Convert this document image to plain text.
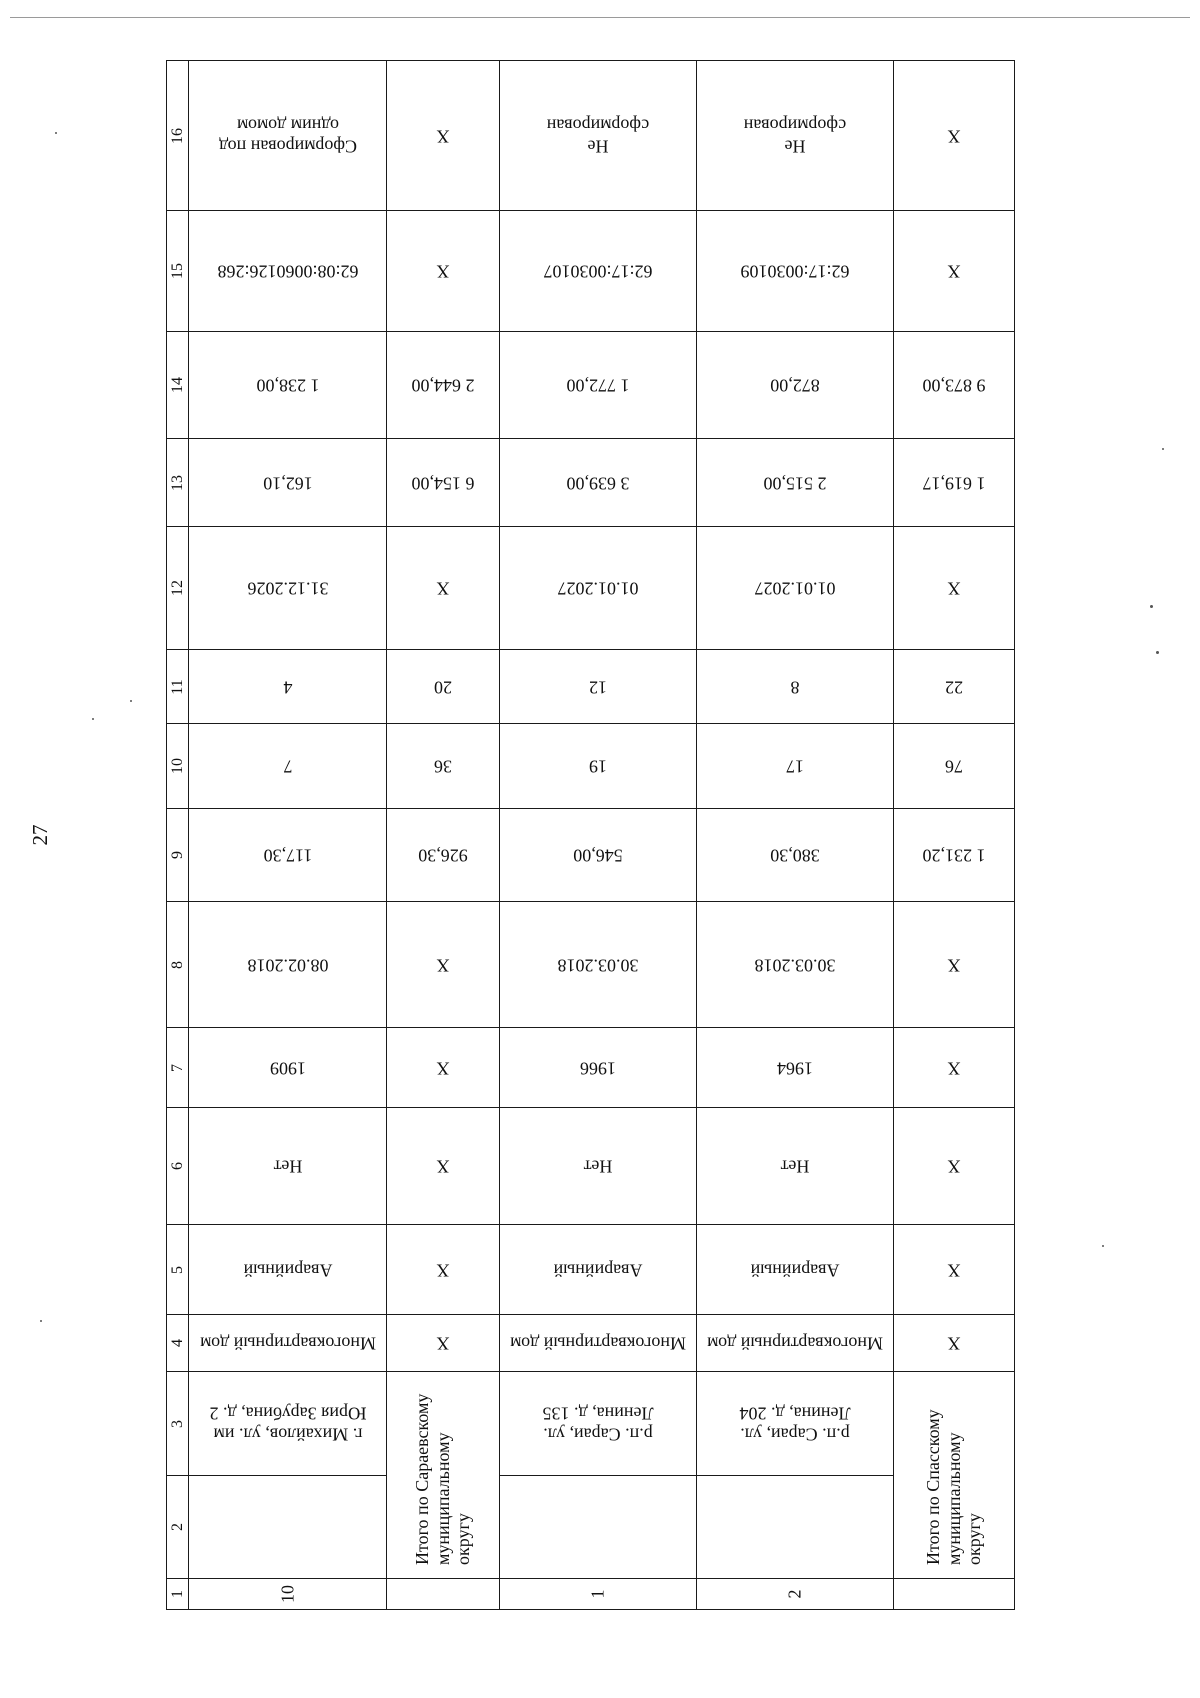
27
16	Сформирован под одним домом	X	Не сформирован	Не сформирован	X

15	62:08:0060126:268	X	62:17:0030107	62:17:0030109	X

14	1 238,00	2 644,00	1 772,00	872,00	9 873,00

13	162,10	6 154,00	3 639,00	2 515,00	1 619,17

12	31.12.2026	X	01.01.2027	01.01.2027	X

11	4	20	12	8	22

10	7	36	19	17	76

9	117,30	926,30	546,00	380,30	1 231,20

8	08.02.2018	X	30.03.2018	30.03.2018	X

7	1909	X	1966	1964	X

6	Нет	X	Нет	Нет	X

5	Аварийный	X	Аварийный	Аварийный	X

4	Многоквартирный дом	X	Многоквартирный дом	Многоквартирный дом	X

3	г. Михайлов, ул. им Юрия Зарубина, д. 2	Итого по Сараевскому муниципальному округу	р.п. Сараи, ул. Ленина, д. 135	р.п. Сараи, ул. Ленина, д. 204	Итого по Спасскому муниципальному округу

2					

1	10		1	2	
